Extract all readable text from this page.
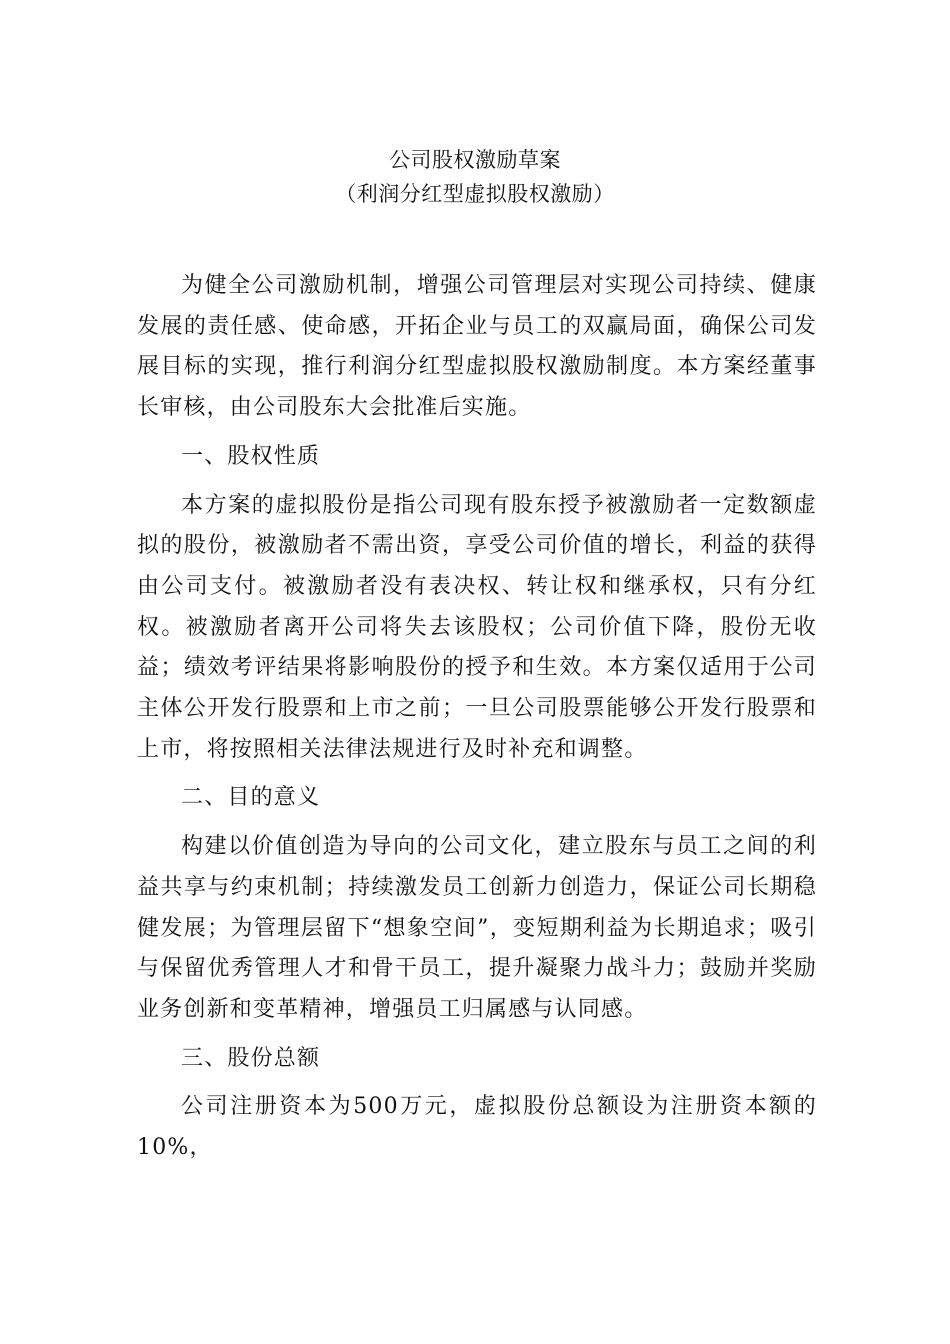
公司股权激励草案
（利润分红型虚拟股权激励）

为健全公司激励机制，增强公司管理层对实现公司持续、健康发展的责任感、使命感，开拓企业与员工的双赢局面，确保公司发展目标的实现，推行利润分红型虚拟股权激励制度。本方案经董事长审核，由公司股东大会批准后实施。

一、股权性质

本方案的虚拟股份是指公司现有股东授予被激励者一定数额虚拟的股份，被激励者不需出资，享受公司价值的增长，利益的获得由公司支付。被激励者没有表决权、转让权和继承权，只有分红权。被激励者离开公司将失去该股权；公司价值下降，股份无收益；绩效考评结果将影响股份的授予和生效。本方案仅适用于公司主体公开发行股票和上市之前；一旦公司股票能够公开发行股票和上市，将按照相关法律法规进行及时补充和调整。

二、目的意义

构建以价值创造为导向的公司文化，建立股东与员工之间的利益共享与约束机制；持续激发员工创新力创造力，保证公司长期稳健发展；为管理层留下“想象空间”，变短期利益为长期追求；吸引与保留优秀管理人才和骨干员工，提升凝聚力战斗力；鼓励并奖励业务创新和变革精神，增强员工归属感与认同感。

三、股份总额

公司注册资本为500万元，虚拟股份总额设为注册资本额的10%，
